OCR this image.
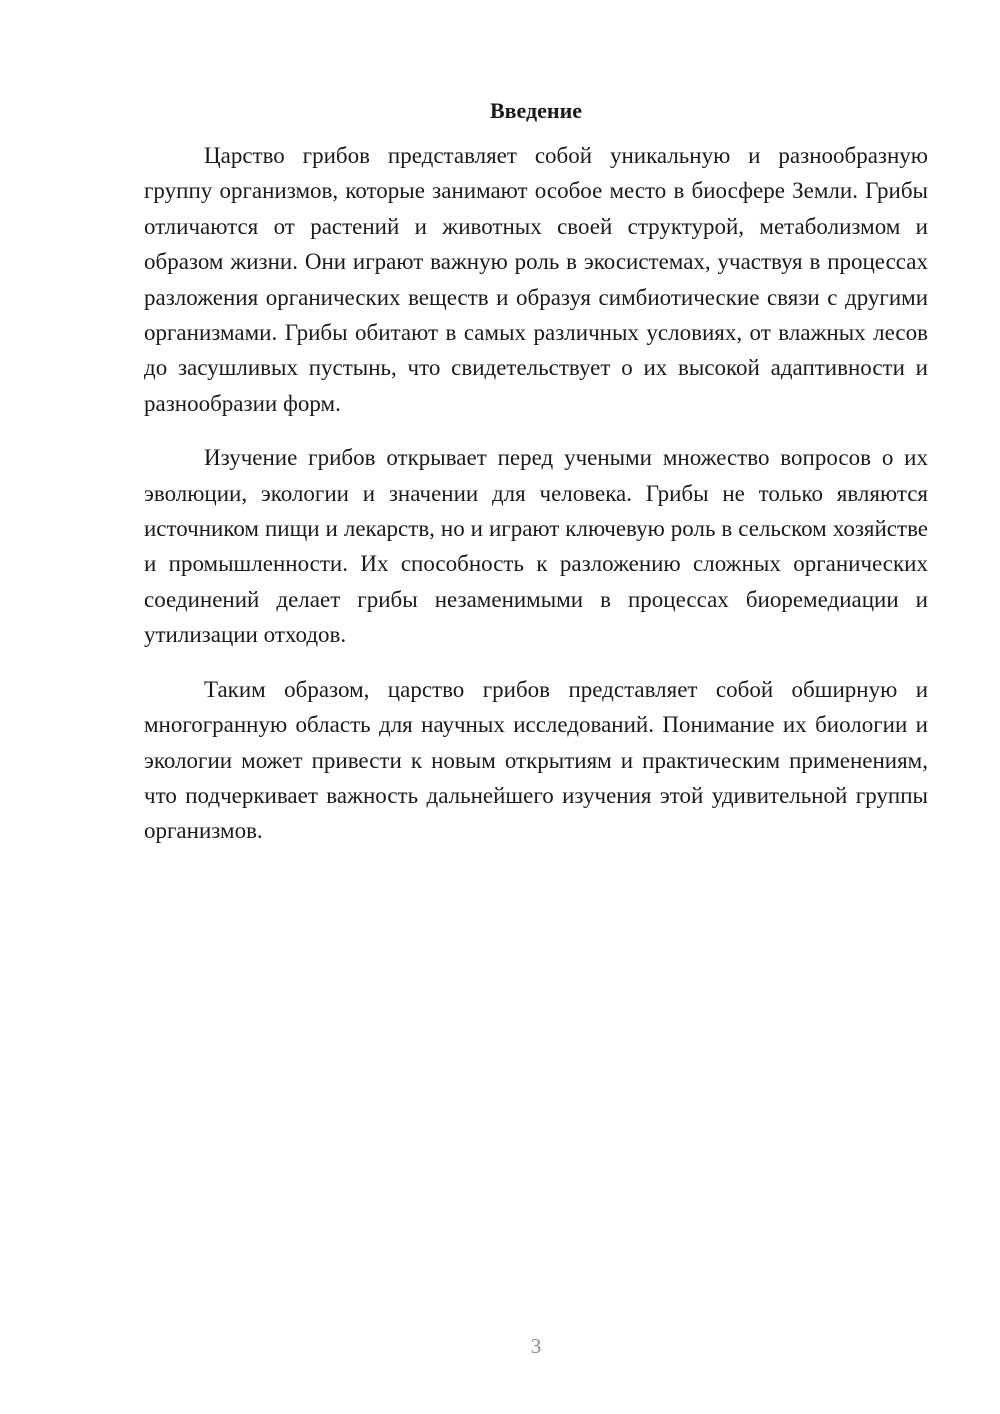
Введение

Царство грибов представляет собой уникальную и разнообразную группу организмов, которые занимают особое место в биосфере Земли. Грибы отличаются от растений и животных своей структурой, метаболизмом и образом жизни. Они играют важную роль в экосистемах, участвуя в процессах разложения органических веществ и образуя симбиотические связи с другими организмами. Грибы обитают в самых различных условиях, от влажных лесов до засушливых пустынь, что свидетельствует о их высокой адаптивности и разнообразии форм.

Изучение грибов открывает перед учеными множество вопросов о их эволюции, экологии и значении для человека. Грибы не только являются источником пищи и лекарств, но и играют ключевую роль в сельском хозяйстве и промышленности. Их способность к разложению сложных органических соединений делает грибы незаменимыми в процессах биоремедиации и утилизации отходов.

Таким образом, царство грибов представляет собой обширную и многогранную область для научных исследований. Понимание их биологии и экологии может привести к новым открытиям и практическим применениям, что подчеркивает важность дальнейшего изучения этой удивительной группы организмов.

3
